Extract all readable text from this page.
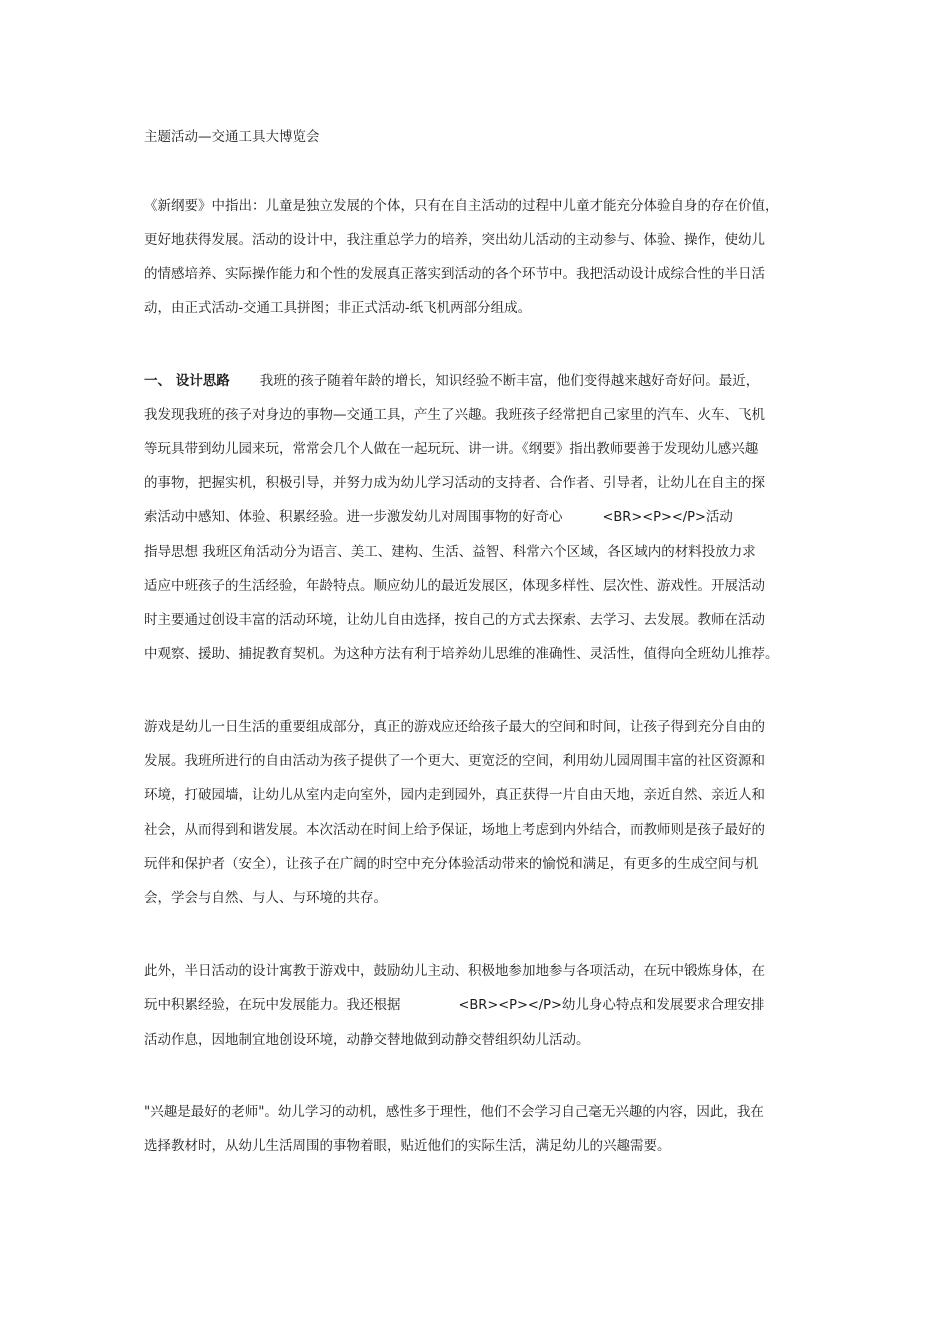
主题活动—交通工具大博览会
《新纲要》中指出：儿童是独立发展的个体，只有在自主活动的过程中儿童才能充分体验自身的存在价值，
更好地获得发展。活动的设计中，我注重总学力的培养，突出幼儿活动的主动参与、体验、操作，使幼儿
的情感培养、实际操作能力和个性的发展真正落实到活动的各个环节中。我把活动设计成综合性的半日活
动，由正式活动-交通工具拼图；非正式活动-纸飞机两部分组成。
一、 设计思路 我班的孩子随着年龄的增长，知识经验不断丰富，他们变得越来越好奇好问。最近，
我发现我班的孩子对身边的事物—交通工具，产生了兴趣。我班孩子经常把自己家里的汽车、火车、飞机
等玩具带到幼儿园来玩，常常会几个人做在一起玩玩、讲一讲。《纲要》指出教师要善于发现幼儿感兴趣
的事物，把握实机，积极引导，并努力成为幼儿学习活动的支持者、合作者、引导者，让幼儿在自主的探
索活动中感知、体验、积累经验。进一步激发幼儿对周围事物的好奇心	<BR><P></P>活动
指导思想 我班区角活动分为语言、美工、建构、生活、益智、科常六个区域，各区域内的材料投放力求
适应中班孩子的生活经验，年龄特点。顺应幼儿的最近发展区，体现多样性、层次性、游戏性。开展活动
时主要通过创设丰富的活动环境，让幼儿自由选择，按自己的方式去探索、去学习、去发展。教师在活动
中观察、援助、捕捉教育契机。为这种方法有利于培养幼儿思维的准确性、灵活性，值得向全班幼儿推荐。
游戏是幼儿一日生活的重要组成部分，真正的游戏应还给孩子最大的空间和时间，让孩子得到充分自由的
发展。我班所进行的自由活动为孩子提供了一个更大、更宽泛的空间，利用幼儿园周围丰富的社区资源和
环境，打破园墙，让幼儿从室内走向室外，园内走到园外，真正获得一片自由天地，亲近自然、亲近人和
社会，从而得到和谐发展。本次活动在时间上给予保证，场地上考虑到内外结合，而教师则是孩子最好的
玩伴和保护者（安全），让孩子在广阔的时空中充分体验活动带来的愉悦和满足，有更多的生成空间与机
会，学会与自然、与人、与环境的共存。
此外，半日活动的设计寓教于游戏中，鼓励幼儿主动、积极地参加地参与各项活动，在玩中锻炼身体，在
玩中积累经验，在玩中发展能力。我还根据	<BR><P></P>幼儿身心特点和发展要求合理安排
活动作息，因地制宜地创设环境，动静交替地做到动静交替组织幼儿活动。
"兴趣是最好的老师"。幼儿学习的动机，感性多于理性，他们不会学习自己毫无兴趣的内容，因此，我在
选择教材时，从幼儿生活周围的事物着眼，贴近他们的实际生活，满足幼儿的兴趣需要。
